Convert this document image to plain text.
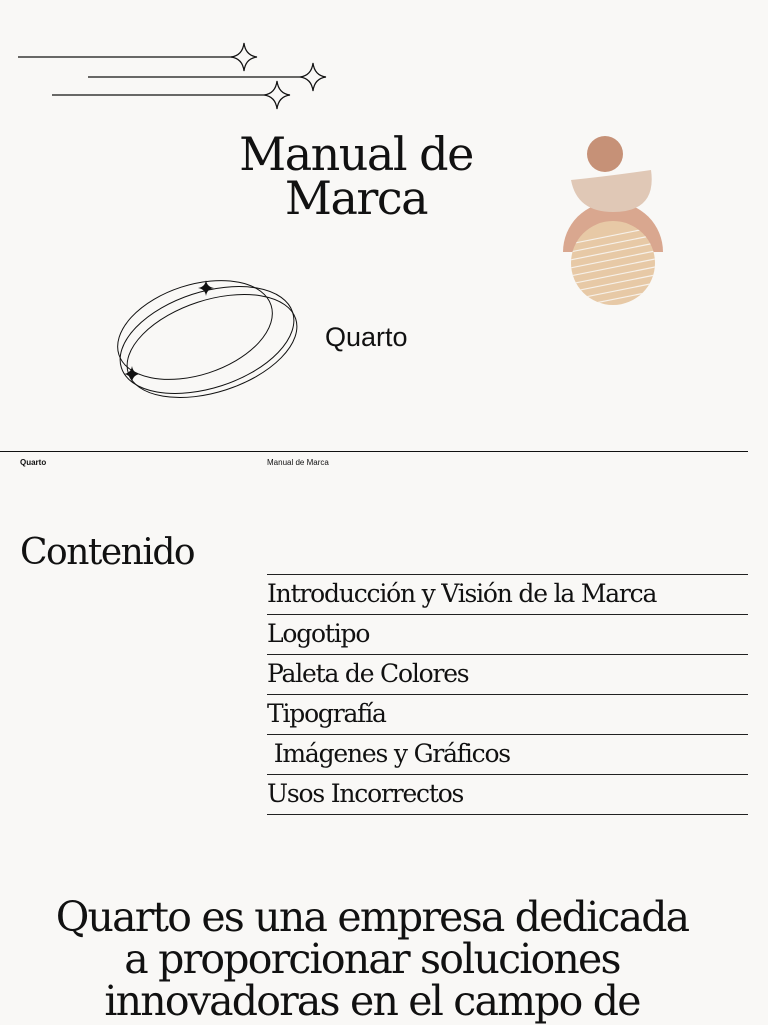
Manual de
Marca
Quarto
Quarto	Manual de Marca
Contenido
Introducción y Visión de la Marca
Logotipo
Paleta de Colores
Tipografía
Imágenes y Gráficos
Usos Incorrectos

Quarto es una empresa dedicada a proporcionar soluciones innovadoras en el campo de
